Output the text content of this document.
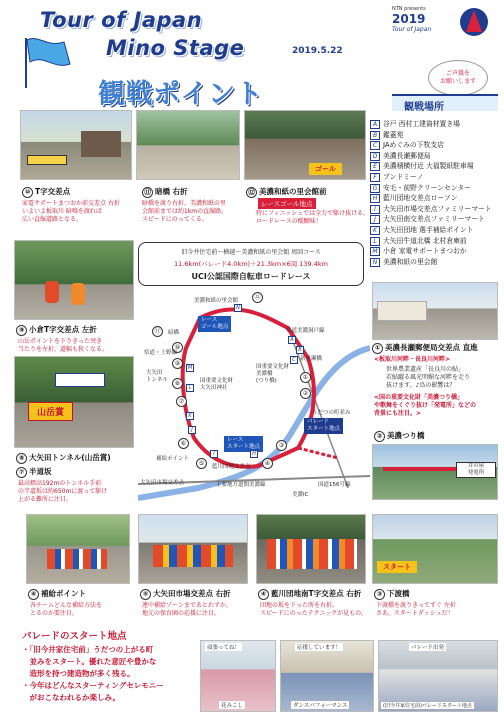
Tour of Japan
Mino Stage	2019.5.22
観戦ポイント
NTN presents
2019
Tour of Japan
ご声援を
お願いします
観戦場所
A 谷戸 西村工建資材置き場
B 鑑蓋苑
C JAめぐみの下牧支店
D 美濃長瀬郵便局
E 美濃積横付近 大福製紙駐車場
F ブンドミーノ
G 安毛・前野クリーンセンター
H 藍川団地交差点ローソン
I 大矢田市場交差点ファミリーマート
J 大矢田南交差点ファミリーマート
K 大矢田団地 選手補給ポイント
L 大矢田牛道北橋 北村倉庫前
M 小倉 家電サポートまつおか
N 美濃和紙の里会館
ゴール
⑩ T字交差点
家電サポートまつおか前交差点 右折
いよいよ板取川 暗鳴を渡れば
広い直線道路となる。
⑪ 暗橋 右折
暗橋を渡り右折、美濃和紙の里
会館前までは約1kmの直線路。
スピードにのってくる。
⑫ 美濃和紙の里会館前
レースゴール地点
特にフィニッシュでは全力で駆け抜ける。
ロードレースの醍醐味！
⑨ 小倉T字交差点 左折
山岳ポイントを下りきった突き
当たりを左折、道幅も狭くなる。
山岳賞
⑧ 大矢田トンネル(山岳賞)
⑦ 半道坂
最高標高192mのトンネル手前
の半道坂は約650mに渡って駆け
上がる難所に注目。
① 美濃長瀬郵便局交差点 直進
<板取川河畔・長良川河畔>
世界農業遺産「長良川の鮎」
若鮎躍る風光明媚な河畔を走り
抜けます。♪鳥の影響は？
<国の重要文化財「美濃つり橋」
や歌舞をくぐり抜け「発電所」などの
背景にも注目。>
② 美濃つり橋
井の屋
発電所
旧今井住宅前～横越～美濃和紙の里会館 周回コース
11.6km(パレード4.0km)＋21.3km×6周 139.4km
UCI公認国際自転車ロードレース
美濃和紙の里会館	⑫
レース
ゴール地点
県道美濃洞戸線
⑪	暗橋
⑩
県道・上野線
⑨
新長瀬橋
大矢田
トンネル	⑧
⑦
国重要文化財
大矢田神社
国重要文化財
美濃橋
(つり橋)	①
②
うだつの町並み
パレード
スタート地点
レース
スタート地点
⑥
補給ポイント
⑤	④
③
藍川団地交差点
大矢田市場交差点	主要地方道関美濃線	国道156号線
美濃IC
A
B
C
N
M
L
K
J
I	H
スタート
⑥ 補給ポイント
各チームどんな補給方法を
とるのか要注目。
⑤ 大矢田市場交差点 右折
連中補給ゾーンまであとわずか。
地元の保育園の応援に注目。
④ 藍川団地南T字交差点 右折
団地の坂を下った所を右折。
スピードにのったテクニックが見もの。
③ 下渡橋
下渡橋を渡りきってすぐ 左折
さあ、スタートダッシュだ！
パレードのスタート地点
・「旧今井家住宅前」うだつの上がる町
　並みをスタート。優れた意匠や豊かな
　造形を持つ建造物が多く残る。
・今年はどんなスターティングセレモニー
　がおこなわれるか楽しみ。
頑張ってね！
花みこし
応援しています！
ダンスパフォーマンス
パレード出発
(旧今井家住宅前)パレードスタート地点
